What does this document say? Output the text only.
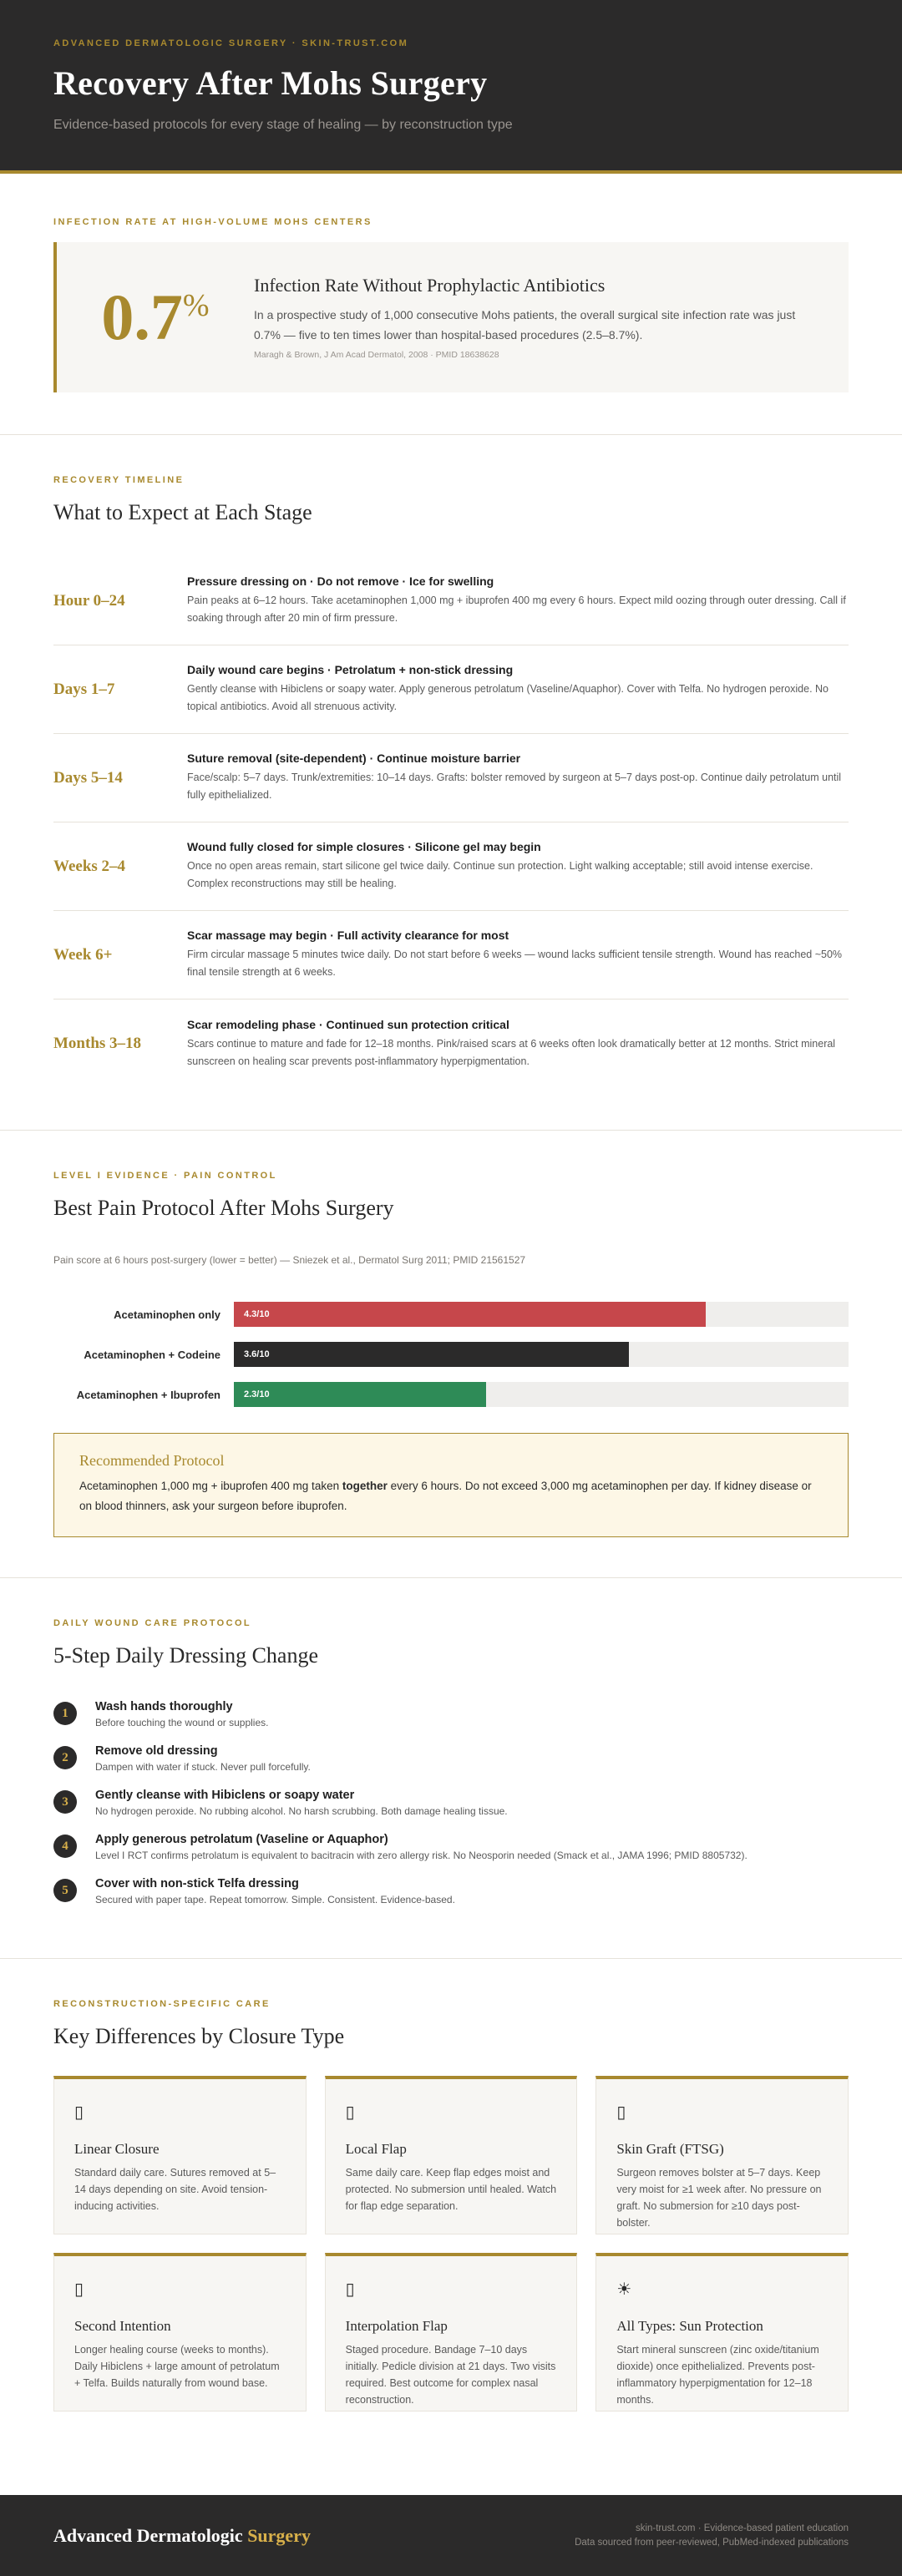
ADVANCED DERMATOLOGIC SURGERY · SKIN-TRUST.COM
Recovery After Mohs Surgery
Evidence-based protocols for every stage of healing — by reconstruction type
INFECTION RATE AT HIGH-VOLUME MOHS CENTERS
0.7%
Infection Rate Without Prophylactic Antibiotics

In a prospective study of 1,000 consecutive Mohs patients, the overall surgical site infection rate was just 0.7% — five to ten times lower than hospital-based procedures (2.5–8.7%).

Maragh & Brown, J Am Acad Dermatol, 2008 · PMID 18638628
RECOVERY TIMELINE
What to Expect at Each Stage
Hour 0–24
Pressure dressing on · Do not remove · Ice for swelling

Pain peaks at 6–12 hours. Take acetaminophen 1,000 mg + ibuprofen 400 mg every 6 hours. Expect mild oozing through outer dressing. Call if soaking through after 20 min of firm pressure.

Days 1–7
Daily wound care begins · Petrolatum + non-stick dressing

Gently cleanse with Hibiclens or soapy water. Apply generous petrolatum (Vaseline/Aquaphor). Cover with Telfa. No hydrogen peroxide. No topical antibiotics. Avoid all strenuous activity.

Days 5–14
Suture removal (site-dependent) · Continue moisture barrier

Face/scalp: 5–7 days. Trunk/extremities: 10–14 days. Grafts: bolster removed by surgeon at 5–7 days post-op. Continue daily petrolatum until fully epithelialized.

Weeks 2–4
Wound fully closed for simple closures · Silicone gel may begin

Once no open areas remain, start silicone gel twice daily. Continue sun protection. Light walking acceptable; still avoid intense exercise. Complex reconstructions may still be healing.

Week 6+
Scar massage may begin · Full activity clearance for most

Firm circular massage 5 minutes twice daily. Do not start before 6 weeks — wound lacks sufficient tensile strength. Wound has reached ~50% final tensile strength at 6 weeks.

Months 3–18
Scar remodeling phase · Continued sun protection critical

Scars continue to mature and fade for 12–18 months. Pink/raised scars at 6 weeks often look dramatically better at 12 months. Strict mineral sunscreen on healing scar prevents post-inflammatory hyperpigmentation.

LEVEL I EVIDENCE · PAIN CONTROL
Best Pain Protocol After Mohs Surgery
Pain score at 6 hours post-surgery (lower = better) — Sniezek et al., Dermatol Surg 2011; PMID 21561527
Acetaminophen only	4.3/10
Acetaminophen + Codeine	3.6/10
Acetaminophen + Ibuprofen	2.3/10
Recommended Protocol

Acetaminophen 1,000 mg + ibuprofen 400 mg taken together every 6 hours. Do not exceed 3,000 mg acetaminophen per day. If kidney disease or on blood thinners, ask your surgeon before ibuprofen.

DAILY WOUND CARE PROTOCOL
5-Step Daily Dressing Change
1	Wash hands thoroughly

Before touching the wound or supplies.

2	Remove old dressing

Dampen with water if stuck. Never pull forcefully.

3	Gently cleanse with Hibiclens or soapy water

No hydrogen peroxide. No rubbing alcohol. No harsh scrubbing. Both damage healing tissue.

4	Apply generous petrolatum (Vaseline or Aquaphor)

Level I RCT confirms petrolatum is equivalent to bacitracin with zero allergy risk. No Neosporin needed (Smack et al., JAMA 1996; PMID 8805732).

5	Cover with non-stick Telfa dressing

Secured with paper tape. Repeat tomorrow. Simple. Consistent. Evidence-based.

RECONSTRUCTION-SPECIFIC CARE
Key Differences by Closure Type
▯
Linear Closure

Standard daily care. Sutures removed at 5–14 days depending on site. Avoid tension-inducing activities.

▯
Local Flap

Same daily care. Keep flap edges moist and protected. No submersion until healed. Watch for flap edge separation.

▯
Skin Graft (FTSG)

Surgeon removes bolster at 5–7 days. Keep very moist for ≥1 week after. No pressure on graft. No submersion for ≥10 days post-bolster.

▯
Second Intention

Longer healing course (weeks to months). Daily Hibiclens + large amount of petrolatum + Telfa. Builds naturally from wound base.

▯
Interpolation Flap

Staged procedure. Bandage 7–10 days initially. Pedicle division at 21 days. Two visits required. Best outcome for complex nasal reconstruction.

☀
All Types: Sun Protection

Start mineral sunscreen (zinc oxide/titanium dioxide) once epithelialized. Prevents post-inflammatory hyperpigmentation for 12–18 months.

Advanced Dermatologic Surgery	skin-trust.com · Evidence-based patient education
Data sourced from peer-reviewed, PubMed-indexed publications
